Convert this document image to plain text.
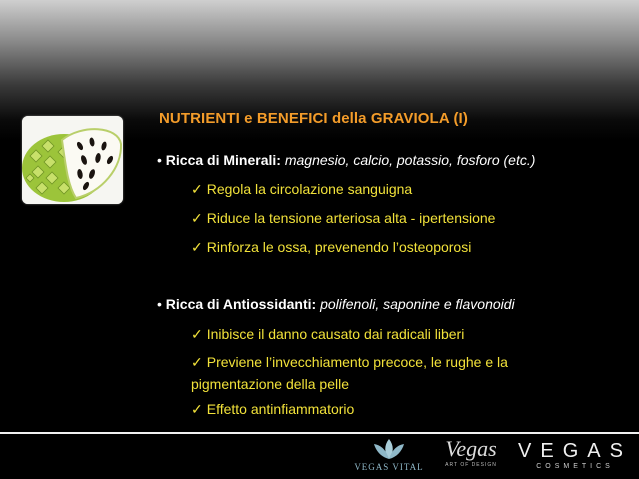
NUTRIENTI e BENEFICI della GRAVIOLA (I)
• Ricca di Minerali: magnesio, calcio, potassio, fosforo (etc.)
✓ Regola la circolazione sanguigna
✓ Riduce la tensione arteriosa alta - ipertensione
✓ Rinforza le ossa, prevenendo l’osteoporosi
• Ricca di Antiossidanti: polifenoli, saponine e flavonoidi
✓ Inibisce il danno causato dai radicali liberi
✓ Previene l’invecchiamento precoce, le rughe e la pigmentazione della pelle
✓ Effetto antinfiammatorio
VEGAS VITAL
Vegas
ART OF DESIGN
VEGAS
COSMETICS
